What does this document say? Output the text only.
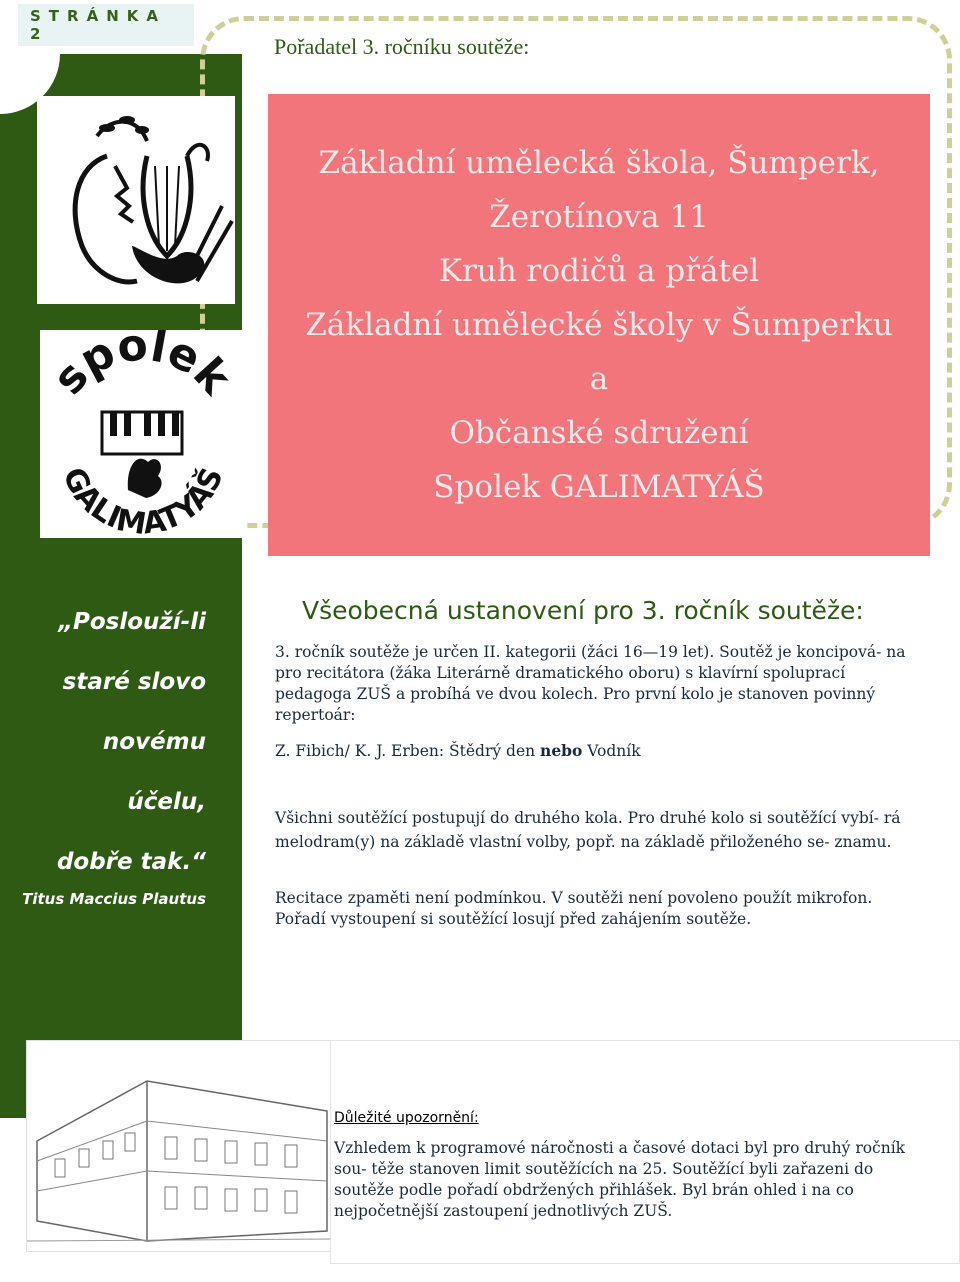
STRÁNKA 2	Pořadatel 3. ročníku soutěže:
spolek
GALIMATYÁŠ
Základní umělecká škola, Šumperk,
Žerotínova 11
Kruh rodičů a přátel
Základní umělecké školy v Šumperku
a
Občanské sdružení
Spolek GALIMATYÁŠ
„Poslouží-li
staré slovo
novému
účelu,
dobře tak.“
Titus Maccius Plautus
Všeobecná ustanovení pro 3. ročník soutěže:

3. ročník soutěže je určen II. kategorii (žáci 16—19 let). Soutěž je koncipová- na pro recitátora (žáka Literárně dramatického oboru) s klavírní spoluprací pedagoga ZUŠ a probíhá ve dvou kolech. Pro první kolo je stanoven povinný repertoár:

Z. Fibich/ K. J. Erben: Štědrý den nebo Vodník

Všichni soutěžící postupují do druhého kola. Pro druhé kolo si soutěžící vybí- rá melodram(y) na základě vlastní volby, popř. na základě přiloženého se- znamu.

Recitace zpaměti není podmínkou. V soutěži není povoleno použít mikrofon. Pořadí vystoupení si soutěžící losují před zahájením soutěže.

Důležité upozornění:
Vzhledem k programové náročnosti a časové dotaci byl pro druhý ročník sou- těže stanoven limit soutěžících na 25. Soutěžící byli zařazeni do soutěže podle pořadí obdržených přihlášek. Byl brán ohled i na co nejpočetnější zastoupení jednotlivých ZUŠ.
